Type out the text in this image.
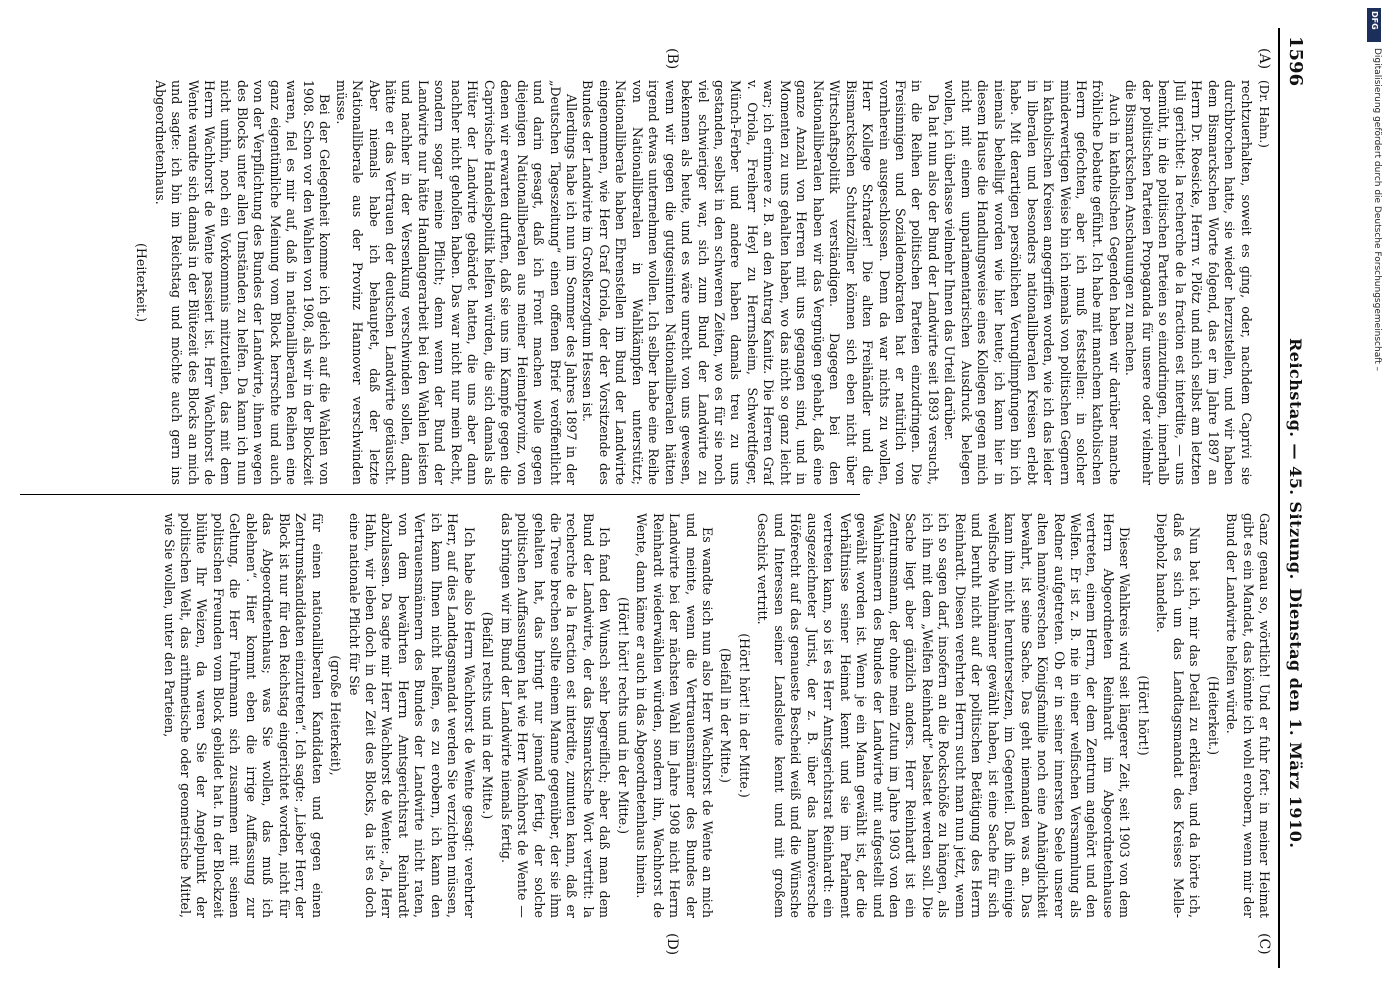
1596
Reichstag. — 45. Sitzung.
Dienstag den 1. März 1910.
(A)
(B)
(C)
(D)
(Dr. Hahn.)

rechtzuerhalten, soweit es ging, oder, nachdem Caprivi sie durchbrochen hatte, sie wieder herzustellen, und wir haben dem Bismarckschen Worte folgend, das er im Jahre 1897 an Herrn Dr. Roesicke, Herrn v. Plötz und mich selbst am letzten Juli gerichtet: la recherche de la fraction est interdite, — uns bemüht, in die politischen Parteien so einzudringen, innerhalb der politischen Parteien Propaganda für unsere oder vielmehr die Bismarckschen Anschauungen zu machen.

Auch in katholischen Gegenden haben wir darüber manche fröhliche Debatte geführt. Ich habe mit manchem katholischen Herrn gefochten, aber ich muß feststellen: in solcher minderwertigen Weise bin ich niemals von politischen Gegnern in katholischen Kreisen angegriffen worden, wie ich das leider in liberalen und besonders nationalliberalen Kreisen erlebt habe. Mit derartigen persönlichen Verunglimpfungen bin ich niemals behelligt worden wie hier heute; ich kann hier in diesem Hause die Handlungsweise eines Kollegen gegen mich nicht mit einem unparlamentarischen Ausdruck belegen wollen, ich überlasse vielmehr Ihnen das Urteil darüber.

Da hat nun also der Bund der Landwirte seit 1893 versucht, in die Reihen der politischen Parteien einzudringen. Die Freisinnigen und Sozialdemokraten hat er natürlich von vornherein ausgeschlossen. Denn da war nichts zu wollen, Herr Kollege Schrader! Die alten Freihändler und die Bismarckschen Schutzzöllner können sich eben nicht über Wirtschaftspolitik verständigen. Dagegen bei den Nationalliberalen haben wir das Vergnügen gehabt, daß eine ganze Anzahl von Herren mit uns gegangen sind, und in Momenten zu uns gehalten haben, wo das nicht so ganz leicht war; ich erinnere z. B. an den Antrag Kanitz. Die Herren Graf v. Oriola, Freiherr Heyl zu Herrnsheim, Schwerdtfeger, Münch-Ferber und andere haben damals treu zu uns gestanden, selbst in den schweren Zeiten, wo es für sie noch viel schwieriger war, sich zum Bund der Landwirte zu bekennen als heute, und es wäre unrecht von uns gewesen, wenn wir gegen die gutgesinnten Nationalliberalen hätten irgend etwas unternehmen wollen. Ich selber habe eine Reihe von Nationalliberalen in Wahlkämpfen unterstützt; Nationalliberale haben Ehrenstellen im Bund der Landwirte eingenommen, wie Herr Graf Oriola, der der Vorsitzende des Bundes der Landwirte im Großherzogtum Hessen ist.

Allerdings habe ich nun im Sommer des Jahres 1897 in der „Deutschen Tageszeitung“ einen offenen Brief veröffentlicht und darin gesagt, daß ich Front machen wolle gegen diejenigen Nationalliberalen aus meiner Heimatprovinz, von denen wir erwarten durften, daß sie uns im Kampfe gegen die Caprivische Handelspolitik helfen würden, die sich damals als Hüter der Landwirte gebärdet hatten, die uns aber dann nachher nicht geholfen haben. Das war nicht nur mein Recht, sondern sogar meine Pflicht; denn wenn der Bund der Landwirte nur hätte Handlangerarbeit bei den Wahlen leisten und nachher in der Versenkung verschwinden sollen, dann hätte er das Vertrauen der deutschen Landwirte getäuscht. Aber niemals habe ich behauptet, daß der letzte Nationalliberale aus der Provinz Hannover verschwinden müsse.

Bei der Gelegenheit komme ich gleich auf die Wahlen von 1908. Schon vor den Wahlen von 1908, als wir in der Blockzeit waren, fiel es mir auf, daß in nationalliberalen Reihen eine ganz eigentümliche Meinung vom Block herrschte und auch von der Verpflichtung des Bundes der Landwirte, ihnen wegen des Blocks unter allen Umständen zu helfen. Da kann ich nun nicht umhin, noch ein Vorkommnis mitzuteilen, das mit dem Herrn Wachhorst de Wente passiert ist. Herr Wachhorst de Wente wandte sich damals in der Blütezeit des Blocks an mich und sagte: ich bin im Reichstag und möchte auch gern ins Abgeordnetenhaus.

(Heiterkeit.)

Ganz genau so, wörtlich! Und er fuhr fort: in meiner Heimat gibt es ein Mandat, das könnte ich wohl erobern, wenn mir der Bund der Landwirte helfen würde.

(Heiterkeit.)

Nun bat ich, mir das Detail zu erklären, und da hörte ich, daß es sich um das Landtagsmandat des Kreises Melle-Diepholz handelte.

(Hört! hört!)

Dieser Wahlkreis wird seit längerer Zeit, seit 1903 von dem Herrn Abgeordneten Reinhardt im Abgeordnetenhause vertreten, einem Herrn, der dem Zentrum angehört und den Welfen. Er ist z. B. nie in einer welfischen Versammlung als Redner aufgetreten. Ob er in seiner innersten Seele unserer alten hannöverschen Königsfamilie noch eine Anhänglichkeit bewahrt, ist seine Sache. Das geht niemanden was an. Das kann ihm nicht heruntersetzen, im Gegenteil. Daß ihn einige welfische Wahlmänner gewählt haben, ist eine Sache für sich und beruht nicht auf der politischen Betätigung des Herrn Reinhardt. Diesen verehrten Herrn sucht man nun jetzt, wenn ich so sagen darf, insofern an die Rockschöße zu hängen, als ich ihn mit dem „Welfen Reinhardt“ belastet werden soll. Die Sache liegt aber gänzlich anders. Herr Reinhardt ist ein Zentrumsmann, der ohne mein Zutun im Jahre 1903 von den Wahlmännern des Bundes der Landwirte mit aufgestellt und gewählt worden ist. Wenn je ein Mann gewählt ist, der die Verhältnisse seiner Heimat kennt und sie im Parlament vertreten kann, so ist es Herr Amtsgerichtsrat Reinhardt: ein ausgezeichneter Jurist, der z. B. über das hannöversche Höferecht auf das genaueste Bescheid weiß und die Wünsche und Interessen seiner Landsleute kennt und mit großem Geschick vertritt.

(Hört! hört! in der Mitte.)

(Beifall in der Mitte.)

Es wandte sich nun also Herr Wachhorst de Wente an mich und meinte, wenn die Vertrauensmänner des Bundes der Landwirte bei der nächsten Wahl im Jahre 1908 nicht Herrn Reinhardt wiederwählen würden, sondern ihn, Wachhorst de Wente, dann käme er auch in das Abgeordnetenhaus hinein.

(Hört! hört! rechts und in der Mitte.)

Ich fand den Wunsch sehr begreiflich; aber daß man dem Bund der Landwirte, der das Bismarcksche Wort vertritt: la recherche de la fraction est interdite, zumuten kann, daß er die Treue brechen sollte einem Manne gegenüber, der sie ihm gehalten hat, das bringt nur jemand fertig, der solche politischen Auffassungen hat wie Herr Wachhorst de Wente — das bringen wir im Bund der Landwirte niemals fertig.

(Beifall rechts und in der Mitte.)

Ich habe also Herrn Wachhorst de Wente gesagt: verehrter Herr, auf dies Landtagsmandat werden Sie verzichten müssen, ich kann Ihnen nicht helfen, es zu erobern, ich kann den Vertrauensmännern des Bundes der Landwirte nicht raten, von dem bewährten Herrn Amtsgerichtsrat Reinhardt abzulassen. Da sagte mir Herr Wachhorst de Wente: „Ja, Herr Hahn, wir leben doch in der Zeit des Blocks, da ist es doch eine nationale Pflicht für Sie

(große Heiterkeit),

für einen nationalliberalen Kandidaten und gegen einen Zentrumskandidaten einzutreten“. Ich sagte: „Lieber Herr, der Block ist nur für den Reichstag eingerichtet worden, nicht für das Abgeordnetenhaus; was Sie wollen, das muß ich ablehnen“. Hier kommt eben die irrige Auffassung zur Geltung, die Herr Fuhrmann sich zusammen mit seinen politischen Freunden vom Block gebildet hat. In der Blockzeit blühte Ihr Weizen, da waren Sie der Angelpunkt der politischen Welt, das arithmetische oder geometrische Mittel, wie Sie wollen, unter den Parteien,

DFG
Digitalisierung gefördert durch die Deutsche Forschungsgemeinschaft –
